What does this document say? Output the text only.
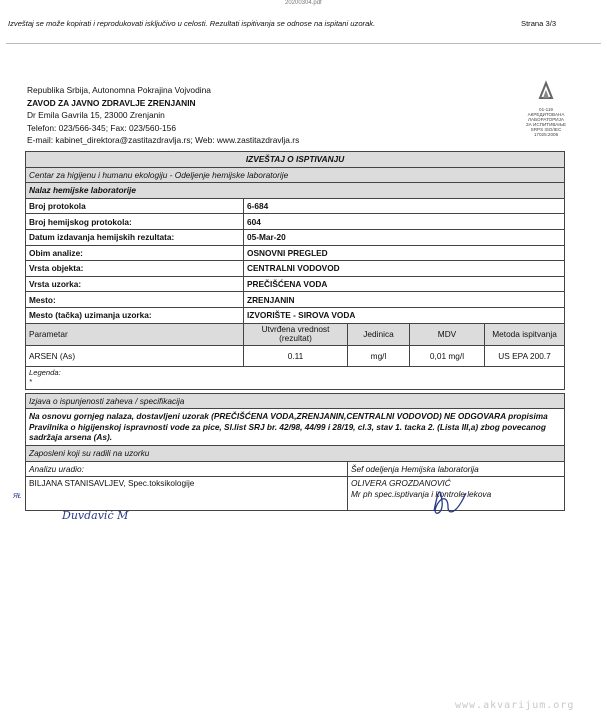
20200304.pdf
Izveštaj se može kopirati i reprodukovati isključivo u celosti. Rezultati ispitivanja se odnose na ispitani uzorak.	Strana 3/3
Republika Srbija, Autonomna Pokrajina Vojvodina
ZAVOD ZA JAVNO ZDRAVLJE ZRENJANIN
Dr Emila Gavrila 15, 23000 Zrenjanin
Telefon: 023/566-345; Fax: 023/560-156
E-mail: kabinet_direktora@zastitazdravlja.rs; Web: www.zastitazdravlja.rs
01-119
АКРЕДИТОВАНА
ЛАБОРАТОРИЈА
ЗА ИСПИТИВАЊЕ
SRPS ISO/IEC 17025:2006
IZVEŠTAJ O ISPTIVANJU				
Centar za higijenu i humanu ekologiju - Odeljenje hemijske laboratorije				
Nalaz hemijske laboratorije				
Broj protokola	6-684			
Broj hemijskog protokola:	604			
Datum izdavanja hemijskih rezultata:	05-Mar-20			
Obim analize:	OSNOVNI PREGLED			
Vrsta objekta:	CENTRALNI VODOVOD			
Vrsta uzorka:	PREČIŠĆENA VODA			
Mesto:	ZRENJANIN			
Mesto (tačka) uzimanja uzorka:	IZVORIŠTE - SIROVA VODA			
Parametar	Utvrđena vrednost (rezultat)	Jedinica	MDV	Metoda ispitvanja
ARSEN (As)	0.11	mg/l	0,01 mg/l	US EPA 200.7
Legenda:
*				

Izjava o ispunjenosti zaheva / specifikacija				
Na osnovu gornjeg nalaza, dostavljeni uzorak (PREČIŠĆENA VODA,ZRENJANIN,CENTRALNI VODOVOD) NE ODGOVARA propisima Pravilnika o higijenskoj ispravnosti vode za pice, Sl.list SRJ br. 42/98, 44/99 i 28/19, cl.3, stav 1. tacka 2. (Lista III,a) zbog povecanog sadržaja arsena (As).				
Zaposleni koji su radili na uzorku				
Analizu uradio:		Šef odeljenja Hemijska laboratorija		
BILJANA STANISAVLJEV, Spec.toksikologije		OLIVERA GROZDANOVIĆ
Mr ph spec.isptivanja i kontrole lekova		
ЯŁ
Duvdavić M
www.akvarijum.org
